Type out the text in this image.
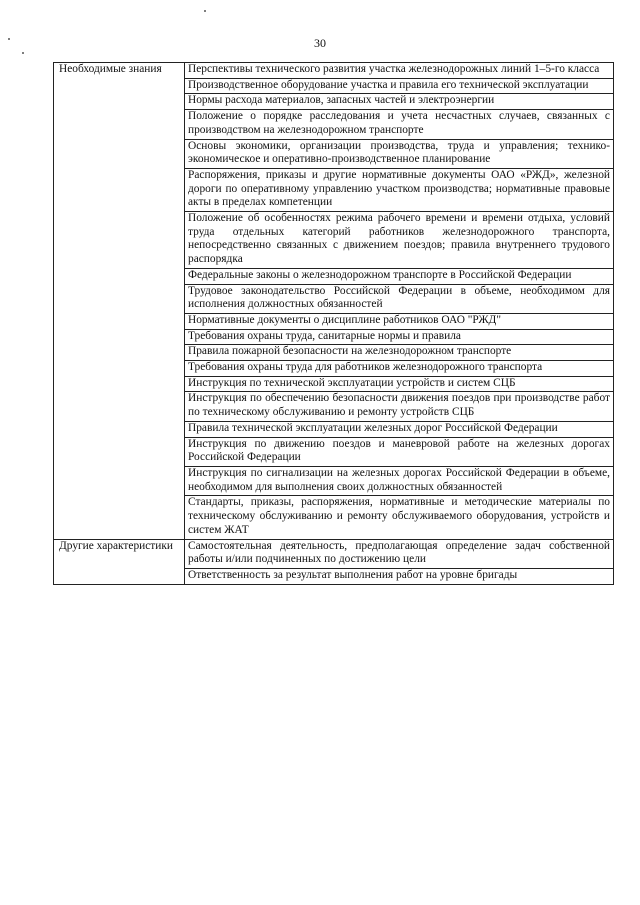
30
Необходимые знания	Перспективы технического развития участка железнодорожных линий 1–5-го класса
	Производственное оборудование участка и правила его технической эксплуатации
	Нормы расхода материалов, запасных частей и электроэнергии
	Положение о порядке расследования и учета несчастных случаев, связанных с производством на железнодорожном транспорте
	Основы экономики, организации производства, труда и управления; технико-экономическое и оперативно-производственное планирование
	Распоряжения, приказы и другие нормативные документы ОАО «РЖД», железной дороги по оперативному управлению участком производства; нормативные правовые акты в пределах компетенции
	Положение об особенностях режима рабочего времени и времени отдыха, условий труда отдельных категорий работников железнодорожного транспорта, непосредственно связанных с движением поездов; правила внутреннего трудового распорядка
	Федеральные законы о железнодорожном транспорте в Российской Федерации
	Трудовое законодательство Российской Федерации в объеме, необходимом для исполнения должностных обязанностей
	Нормативные документы о дисциплине работников ОАО "РЖД"
	Требования охраны труда, санитарные нормы и правила
	Правила пожарной безопасности на железнодорожном транспорте
	Требования охраны труда для работников железнодорожного транспорта
	Инструкция по технической эксплуатации устройств и систем СЦБ
	Инструкция по обеспечению безопасности движения поездов при производстве работ по техническому обслуживанию и ремонту устройств СЦБ
	Правила технической эксплуатации железных дорог Российской Федерации
	Инструкция по движению поездов и маневровой работе на железных дорогах Российской Федерации
	Инструкция по сигнализации на железных дорогах Российской Федерации в объеме, необходимом для выполнения своих должностных обязанностей
	Стандарты, приказы, распоряжения, нормативные и методические материалы по техническому обслуживанию и ремонту обслуживаемого оборудования, устройств и систем ЖАТ
Другие характеристики	Самостоятельная деятельность, предполагающая определение задач собственной работы и/или подчиненных по достижению цели
	Ответственность за результат выполнения работ на уровне бригады
